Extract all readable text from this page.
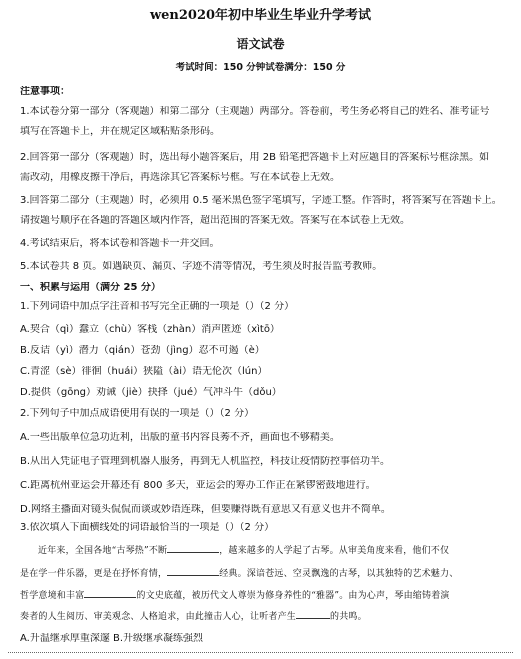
wen2020年初中毕业生毕业升学考试
语文试卷
考试时间：150 分钟试卷满分：150 分
注意事项：
1.本试卷分第一部分（客观题）和第二部分（主观题）两部分。答卷前，考生务必将自己的姓名、准考证号
填写在答题卡上，并在规定区域粘贴条形码。
2.回答第一部分（客观题）时，选出每小题答案后，用 2B 铅笔把答题卡上对应题目的答案标号框涂黑。如
需改动，用橡皮擦干净后，再选涂其它答案标号框。写在本试卷上无效。
3.回答第二部分（主观题）时，必须用 0.5 毫米黑色签字笔填写，字迹工整。作答时，将答案写在答题卡上。
请按题号顺序在各题的答题区域内作答，超出范围的答案无效。答案写在本试卷上无效。
4.考试结束后，将本试卷和答题卡一并交回。
5.本试卷共 8 页。如遇缺页、漏页、字迹不清等情况，考生须及时报告监考教师。
一、积累与运用（满分 25 分）
1.下列词语中加点字注音和书写完全正确的一项是（）（2 分）
A.契合（qì）蠢立（chù）客栈（zhàn）消声匿迹（xìtō）
B.反诘（yì）潜力（qián）苍劲（jìng）忍不可遏（è）
C.青涩（sè）徘徊（huái）狭隘（ài）语无伦次（lún）
D.提供（gōng）劝诫（jiè）抉择（jué）气冲斗牛（dǒu）
2.下列句子中加点成语使用有误的一项是（）（2 分）
A.一些出版单位急功近利，出版的童书内容良莠不齐，画面也不够精美。
B.从出入凭证电子管理到机器人服务，再到无人机监控，科技让疫情防控事倍功半。
C.距离杭州亚运会开幕还有 800 多天，亚运会的筹办工作正在紧锣密鼓地进行。
D.网络主播面对镜头侃侃而谈或妙语连珠，但要赚得既有意思又有意义也并不简单。
3.依次填入下面横线处的词语最恰当的一项是（）（2 分）
近年来，全国各地“古琴热”不断	，越来越多的人学起了古琴。从审美角度来看，他们不仅
是在学一件乐器，更是在抒怀育情，	经典。深谙苍远、空灵飘逸的古琴，以其独特的艺术魅力、
哲学意境和丰富	的文史底蕴，被历代文人尊崇为修身养性的“雅器”。由为心声，琴由缩铸着演
奏者的人生阅历、审美观念、人格追求，由此撞击人心，让听者产生	的共鸣。
A.升温继承厚重深邃 B.升级继承凝练强烈
